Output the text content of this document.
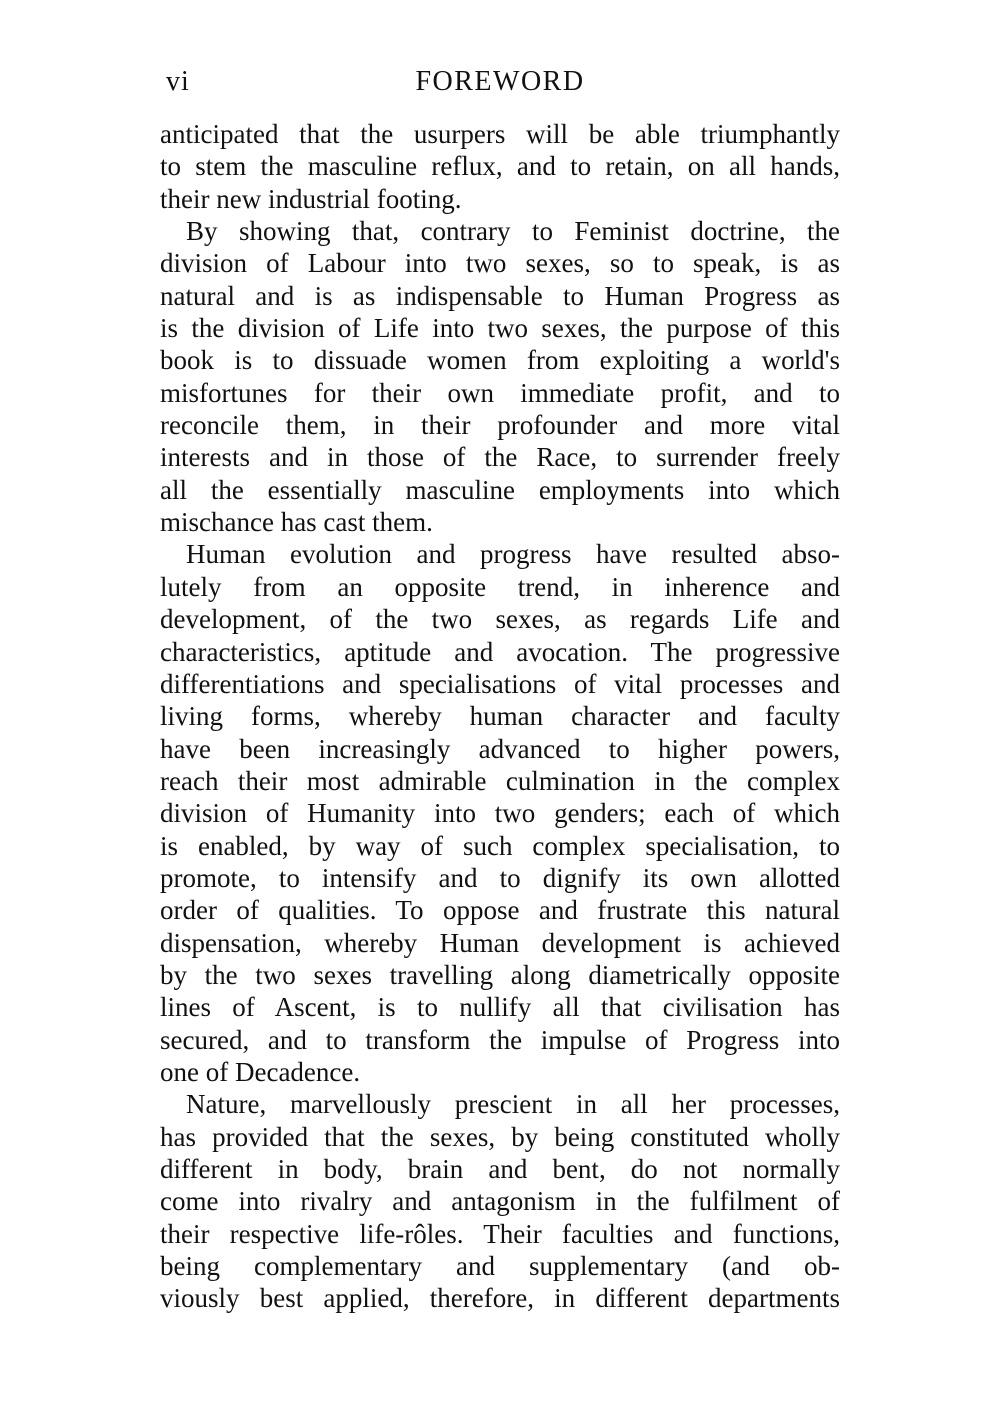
vi	FOREWORD
anticipated that the usurpers will be able triumphantly
to stem the masculine reflux, and to retain, on all hands,
their new industrial footing.
By showing that, contrary to Feminist doctrine, the
division of Labour into two sexes, so to speak, is as
natural and is as indispensable to Human Progress as
is the division of Life into two sexes, the purpose of this
book is to dissuade women from exploiting a world's
misfortunes for their own immediate profit, and to
reconcile them, in their profounder and more vital
interests and in those of the Race, to surrender freely
all the essentially masculine employments into which
mischance has cast them.
Human evolution and progress have resulted abso-
lutely from an opposite trend, in inherence and
development, of the two sexes, as regards Life and
characteristics, aptitude and avocation. The progressive
differentiations and specialisations of vital processes and
living forms, whereby human character and faculty
have been increasingly advanced to higher powers,
reach their most admirable culmination in the complex
division of Humanity into two genders; each of which
is enabled, by way of such complex specialisation, to
promote, to intensify and to dignify its own allotted
order of qualities. To oppose and frustrate this natural
dispensation, whereby Human development is achieved
by the two sexes travelling along diametrically opposite
lines of Ascent, is to nullify all that civilisation has
secured, and to transform the impulse of Progress into
one of Decadence.
Nature, marvellously prescient in all her processes,
has provided that the sexes, by being constituted wholly
different in body, brain and bent, do not normally
come into rivalry and antagonism in the fulfilment of
their respective life-rôles. Their faculties and functions,
being complementary and supplementary (and ob-
viously best applied, therefore, in different departments
